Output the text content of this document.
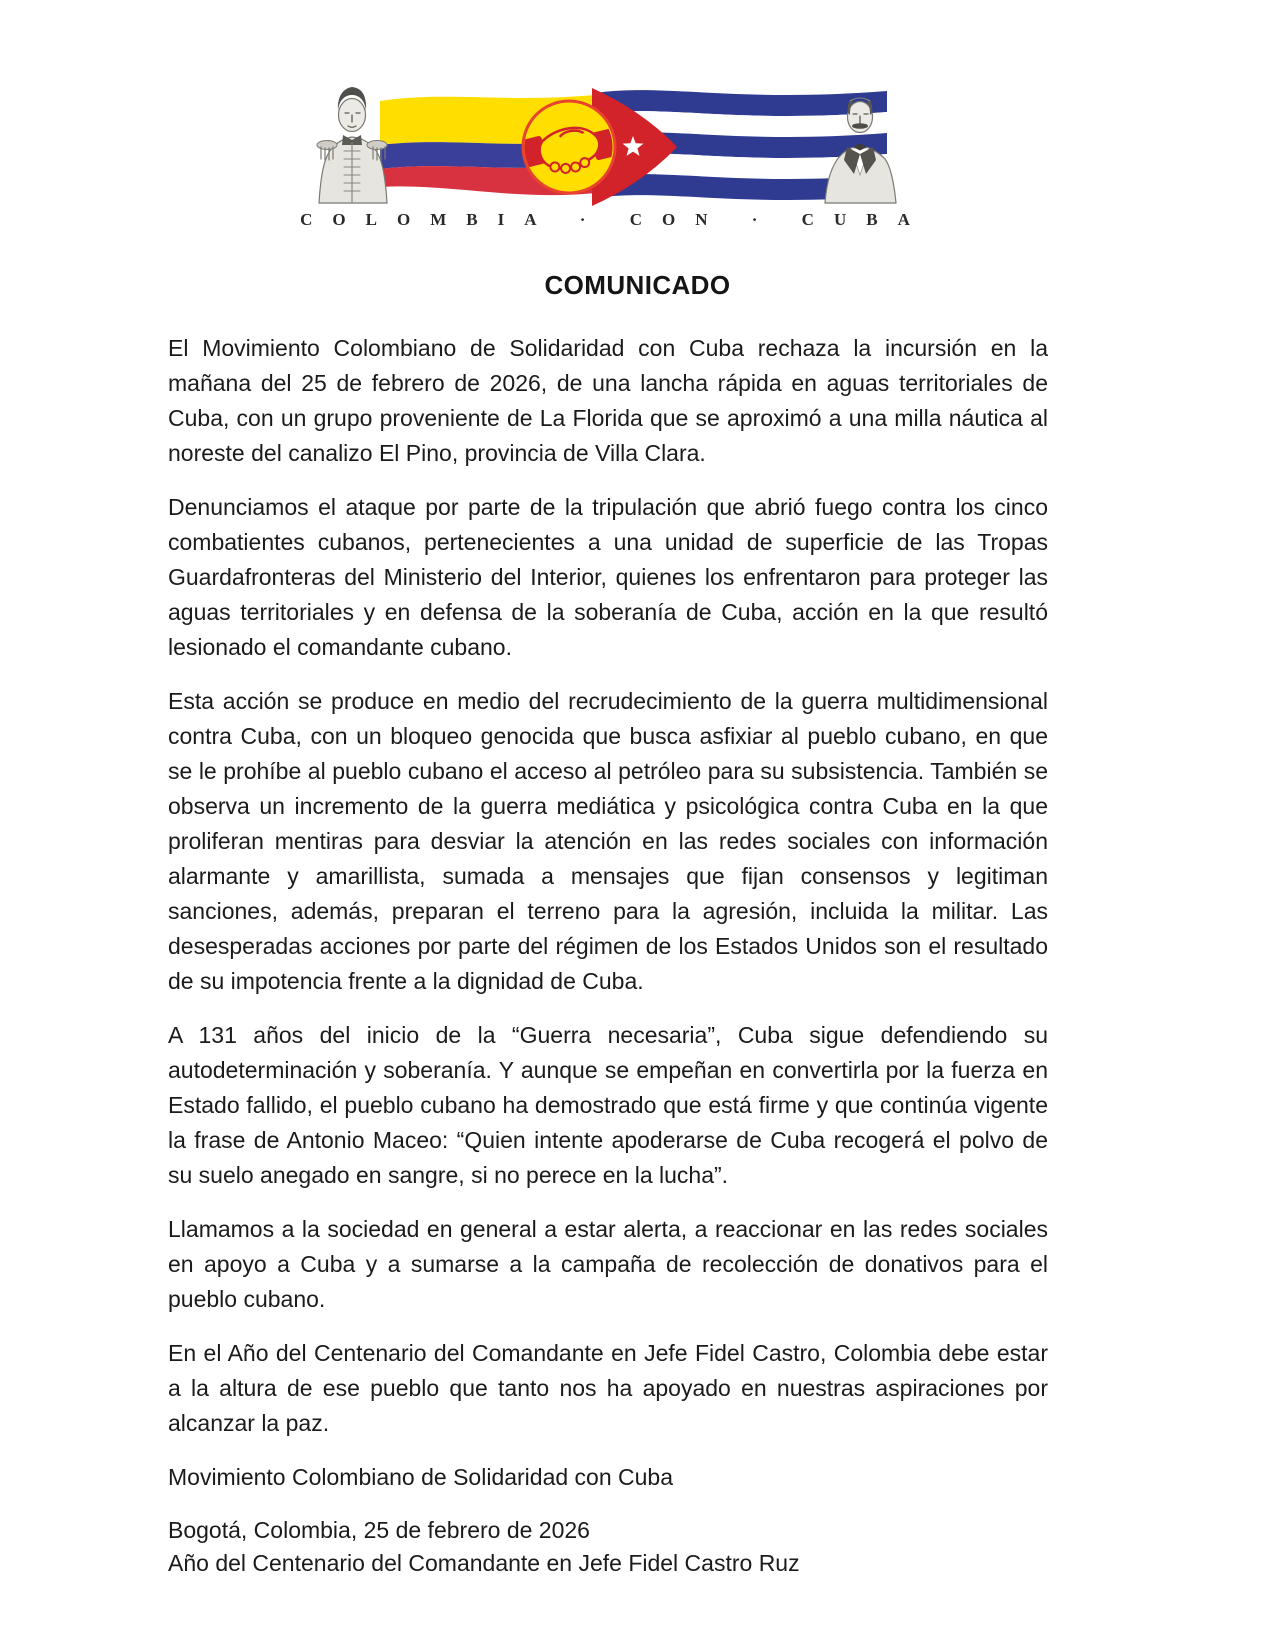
COLOMBIA · CON · CUBA
COMUNICADO

El Movimiento Colombiano de Solidaridad con Cuba rechaza la incursión en la mañana del 25 de febrero de 2026, de una lancha rápida en aguas territoriales de Cuba, con un grupo proveniente de La Florida que se aproximó a una milla náutica al noreste del canalizo El Pino, provincia de Villa Clara.

Denunciamos el ataque por parte de la tripulación que abrió fuego contra los cinco combatientes cubanos, pertenecientes a una unidad de superficie de las Tropas Guardafronteras del Ministerio del Interior, quienes los enfrentaron para proteger las aguas territoriales y en defensa de la soberanía de Cuba, acción en la que resultó lesionado el comandante cubano.

Esta acción se produce en medio del recrudecimiento de la guerra multidimensional contra Cuba, con un bloqueo genocida que busca asfixiar al pueblo cubano, en que se le prohíbe al pueblo cubano el acceso al petróleo para su subsistencia. También se observa un incremento de la guerra mediática y psicológica contra Cuba en la que proliferan mentiras para desviar la atención en las redes sociales con información alarmante y amarillista, sumada a mensajes que fijan consensos y legitiman sanciones, además, preparan el terreno para la agresión, incluida la militar. Las desesperadas acciones por parte del régimen de los Estados Unidos son el resultado de su impotencia frente a la dignidad de Cuba.

A 131 años del inicio de la “Guerra necesaria”, Cuba sigue defendiendo su autodeterminación y soberanía. Y aunque se empeñan en convertirla por la fuerza en Estado fallido, el pueblo cubano ha demostrado que está firme y que continúa vigente la frase de Antonio Maceo: “Quien intente apoderarse de Cuba recogerá el polvo de su suelo anegado en sangre, si no perece en la lucha”.

Llamamos a la sociedad en general a estar alerta, a reaccionar en las redes sociales en apoyo a Cuba y a sumarse a la campaña de recolección de donativos para el pueblo cubano.

En el Año del Centenario del Comandante en Jefe Fidel Castro, Colombia debe estar a la altura de ese pueblo que tanto nos ha apoyado en nuestras aspiraciones por alcanzar la paz.

Movimiento Colombiano de Solidaridad con Cuba

Bogotá, Colombia, 25 de febrero de 2026

Año del Centenario del Comandante en Jefe Fidel Castro Ruz
